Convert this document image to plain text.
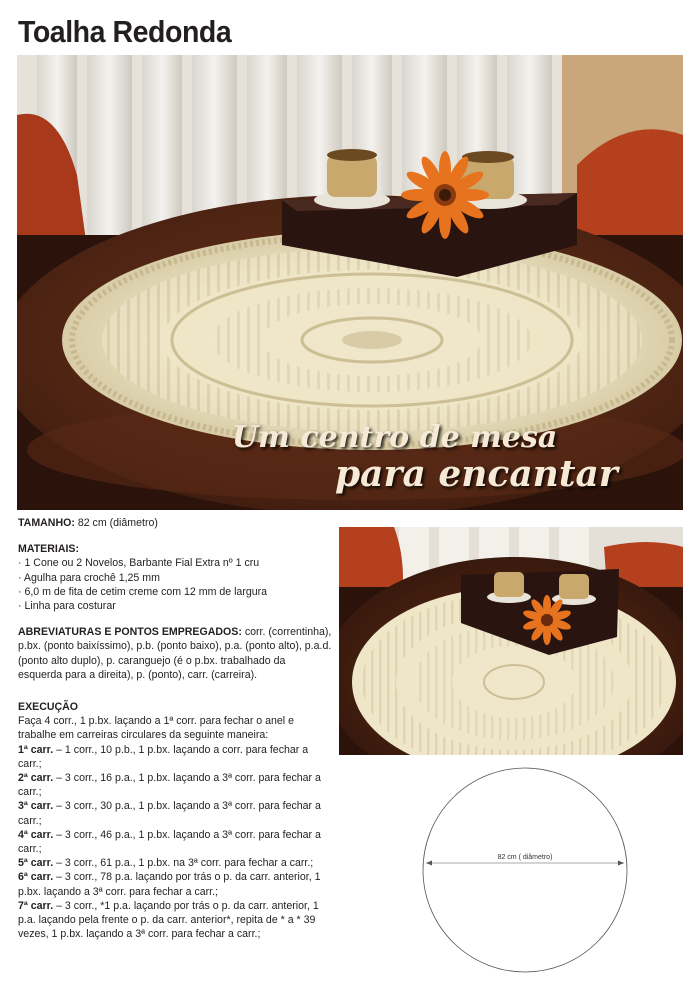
Toalha Redonda
Um centro de mesa
para encantar
TAMANHO: 82 cm (diâmetro)
MATERIAIS:
· 1 Cone ou 2 Novelos, Barbante Fial Extra nº 1 cru
· Agulha para crochê 1,25 mm
· 6,0 m de fita de cetim creme com 12 mm de largura
· Linha para costurar
ABREVIATURAS E PONTOS EMPREGADOS: corr. (correntinha), p.bx. (ponto baixíssimo), p.b. (ponto baixo), p.a. (ponto alto), p.a.d. (ponto alto duplo), p. caranguejo (é o p.bx. trabalhado da esquerda para a direita), p. (ponto), carr. (carreira).
EXECUÇÃO
Faça 4 corr., 1 p.bx. laçando a 1ª corr. para fechar o anel e trabalhe em carreiras circulares da seguinte maneira:
1ª carr. – 1 corr., 10 p.b., 1 p.bx. laçando a corr. para fechar a carr.;
2ª carr. – 3 corr., 16 p.a., 1 p.bx. laçando a 3ª corr. para fechar a carr.;
3ª carr. – 3 corr., 30 p.a., 1 p.bx. laçando a 3ª corr. para fechar a carr.;
4ª carr. – 3 corr., 46 p.a., 1 p.bx. laçando a 3ª corr. para fechar a carr.;
5ª carr. – 3 corr., 61 p.a., 1 p.bx. na 3ª corr. para fechar a carr.;
6ª carr. – 3 corr., 78 p.a. laçando por trás o p. da carr. anterior, 1 p.bx. laçando a 3ª corr. para fechar a carr.;
7ª carr. – 3 corr., *1 p.a. laçando por trás o p. da carr. anterior, 1 p.a. laçando pela frente o p. da carr. anterior*, repita de * a * 39 vezes, 1 p.bx. laçando a 3ª corr. para fechar a carr.;
82 cm ( diâmetro)
